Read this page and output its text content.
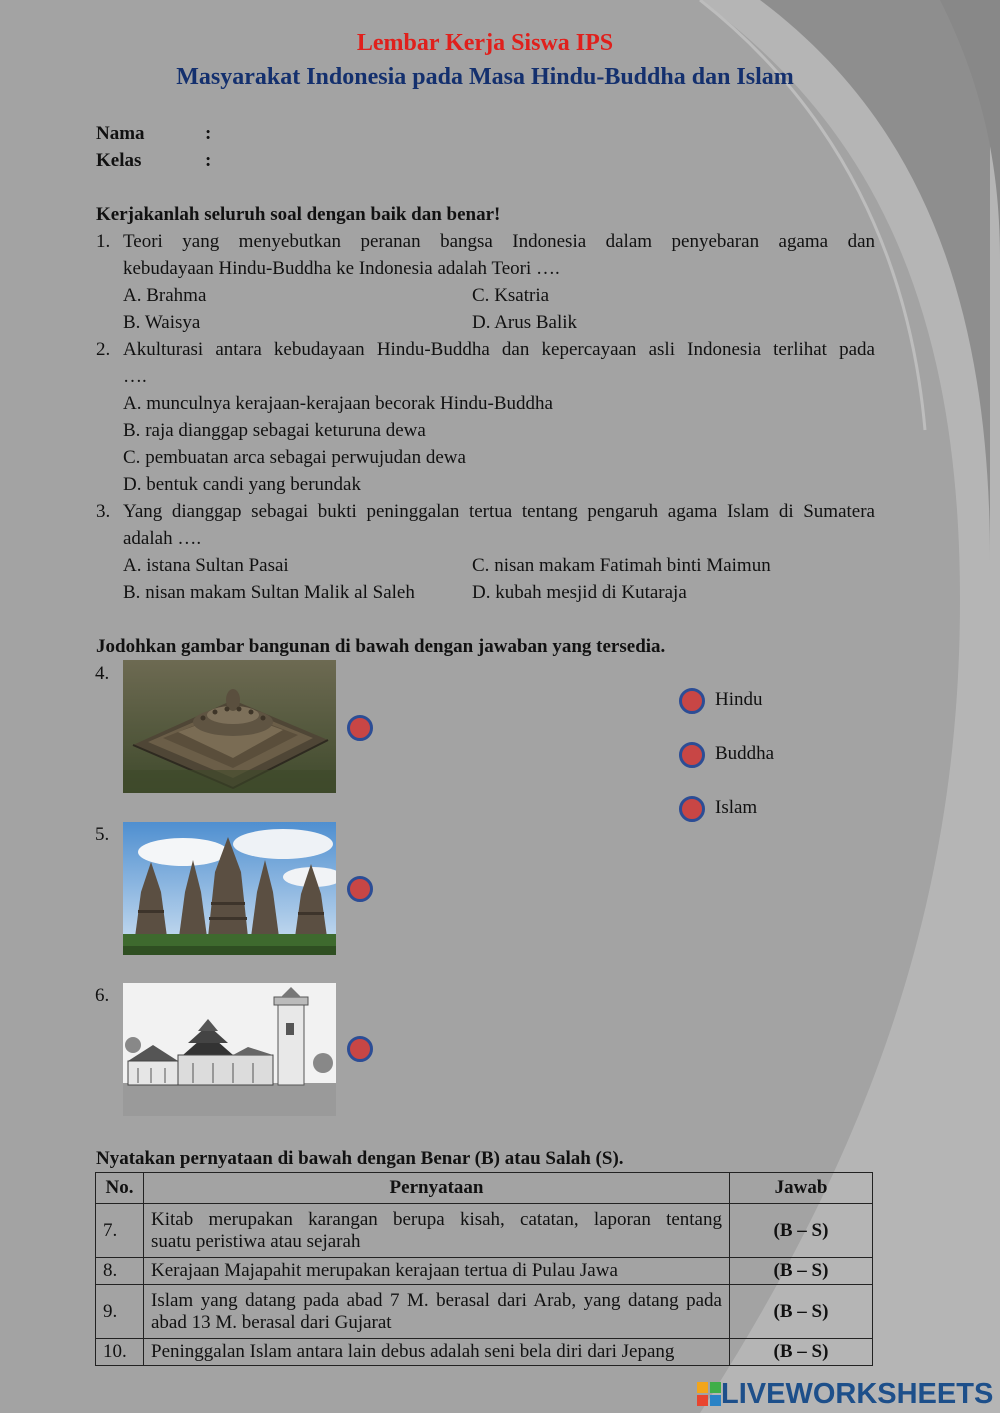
Lembar Kerja Siswa IPS
Masyarakat Indonesia pada Masa Hindu-Buddha dan Islam
Nama	:
Kelas	:
Kerjakanlah seluruh soal dengan baik dan benar!
1. Teori yang menyebutkan peranan bangsa Indonesia dalam penyebaran agama dan
kebudayaan Hindu-Buddha ke Indonesia adalah Teori ….
A. Brahma
B. Waisya
C. Ksatria
D. Arus Balik
2. Akulturasi antara kebudayaan Hindu-Buddha dan kepercayaan asli Indonesia terlihat pada
….
A. munculnya kerajaan-kerajaan becorak Hindu-Buddha
B. raja dianggap sebagai keturuna dewa
C. pembuatan arca sebagai perwujudan dewa
D. bentuk candi yang berundak
3. Yang dianggap sebagai bukti peninggalan tertua tentang pengaruh agama Islam di Sumatera
adalah ….
A. istana Sultan Pasai
B. nisan makam Sultan Malik al Saleh
C. nisan makam Fatimah binti Maimun
D. kubah mesjid di Kutaraja
Jodohkan gambar bangunan di bawah dengan jawaban yang tersedia.
4.
5.
6.
Hindu
Buddha
Islam
Nyatakan pernyataan di bawah dengan Benar (B) atau Salah (S).
No.	Pernyataan	Jawab
7.	Kitab merupakan karangan berupa kisah, catatan, laporan tentang
suatu peristiwa atau sejarah	(B – S)
8.	Kerajaan Majapahit merupakan kerajaan tertua di Pulau Jawa	(B – S)
9.	Islam yang datang pada abad 7 M. berasal dari Arab, yang datang pada
abad 13 M. berasal dari Gujarat	(B – S)
10.	Peninggalan Islam antara lain debus adalah seni bela diri dari Jepang	(B – S)
LIVEWORKSHEETS
